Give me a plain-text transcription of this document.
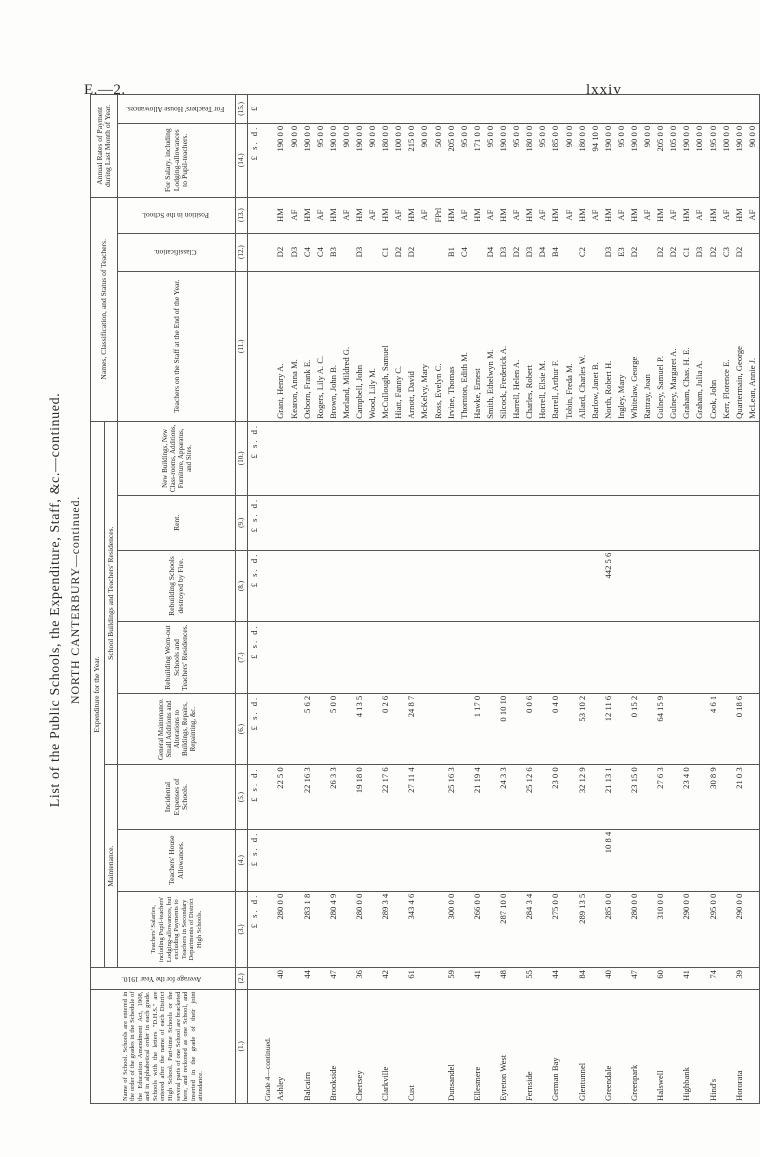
E.—2.	lxxiv
List of the Public Schools, the Expenditure, Staff, &c.—continued. NORTH CANTERBURY—continued.
Name of School. Schools are entered in the order of the grades in the Schedule of the Education Amendment Act, 1908, and in alphabetical order in each grade. Schools with the letters "D.H.S." are entered after the name of each District High School. Part-time Schools or the several parts of one School are bracketed here, and reckoned as one School, and inserted in the grade of their joint attendance.	Average for the Year 1910.	Expenditure for the Year.								Names, Classification, and Status of Teachers.			Annual Rates of Payment during Last Month of Year.	
		Maintenance.			School Buildings and Teachers' Residences.									
		Teachers' Salaries, including Pupil-teachers' Lodging-allowances, but excluding Payments to Teachers in Secondary Departments of District High Schools.	Teachers' House Allowances.	Incidental Expenses of Schools.	General Maintenance. Small Additions and Alterations to Buildings, Repairs, Repainting, &c.	Rebuilding Worn-out Schools and Teachers' Residences.	Rebuilding Schools destroyed by Fire.	Rent.	New Buildings, New Class-rooms, Additions, Furniture, Apparatus, and Sites.	Teachers on the Staff at the End of the Year.	Classification.	Position in the School.	For Salary, including Lodging-allowances to Pupil-teachers.	For Teachers' House Allowances.
(1.)	(2.)	(3.)	(4.)	(5.)	(6.)	(7.)	(8.)	(9.)	(10.)	(11.)	(12.)	(13.)	(14.)	(15.)
		£ s. d.	£ s. d.	£ s. d.	£ s. d.	£ s. d.	£ s. d.	£ s. d.	£ s. d.				£ s. d.	£
Grade 4—continued.														
Ashley	40	280 0 0		22 5 0						Grant, Henry A.	D2	HM	190 0 0	
										Kearon, Anna M.	D3	AF	90 0 0	
Balcairn	44	283 1 8		22 16 3	5 6 2					Osborn, Frank E.	C4	HM	190 0 0	
										Rogers, Lily A. C.	C4	AF	95 0 0	
Brookside	47	280 4 9		26 3 3	5 0 0					Brown, John B.	B3	HM	190 0 0	
										Morland, Mildred G.		AF	90 0 0	
Chertsey	36	280 0 0		19 18 0	4 13 5					Campbell, John	D3	HM	190 0 0	
										Wood, Lily M.		AF	90 0 0	
Clarkville	42	289 3 4		22 17 6	0 2 6					McCullough, Samuel	C1	HM	180 0 0	
										Hiatt, Fanny C.	D2	AF	100 0 0	
Cust	61	343 4 6		27 11 4	24 8 7					Arnott, David	D2	HM	215 0 0	
										McKelvy, Mary		AF	90 0 0	
										Ross, Evelyn C.		FPrl	50 0 0	
Dunsandel	59	300 0 0		25 16 3						Irvine, Thomas	B1	HM	205 0 0	
										Thornton, Edith M.	C4	AF	95 0 0	
Ellesmere	41	266 0 0		21 19 4	1 17 0					Hawke, Ernest		HM	171 0 0	
										Smith, Ethelwyn M.	D4	AF	95 0 0	
Eyreton West	48	287 10 0		24 3 3	0 10 10					Silcock, Frederick A.	D3	HM	190 0 0	
										Harrell, Helen A.	D2	AF	95 0 0	
Fernside	55	284 3 4		25 12 6	0 0 6					Charles, Robert	D3	HM	180 0 0	
										Horrell, Elsie M.	D4	AF	95 0 0	
German Bay	44	275 0 0		23 0 0	0 4 0					Barrell, Arthur F.	B4	HM	185 0 0	
										Tobin, Freda M.		AF	90 0 0	
Glentunnel	84	289 13 5		32 12 9	53 10 2					Allard, Charles W.	C2	HM	180 0 0	
										Barlow, Janet B.		AF	94 10 0	
Greendale	40	285 0 0	10 8 4	21 13 1	12 11 6		442 5 6			North, Robert H.	D3	HM	190 0 0	
										Ingley, Mary	E3	AF	95 0 0	
Greenpark	47	280 0 0		23 15 0	0 15 2					Whitelaw, George	D2	HM	190 0 0	
										Rattray, Joan		AF	90 0 0	
Halswell	60	310 0 0		27 6 3	64 15 9					Gulney, Samuel P.	D2	HM	205 0 0	
										Gulney, Margaret A.	D2	AF	105 0 0	
Highbank	41	290 0 0		23 4 0						Graham, Chas. H. E.	C1	HM	190 0 0	
										Graham, Julia A.	D3	AF	100 0 0	
Hind's	74	295 0 0		30 8 9	4 6 1					Cook, John	D2	HM	195 0 0	
										Kerr, Florence E.	C3	AF	100 0 0	
Hororata	39	290 0 0		21 0 3	0 18 6					Quartermain, George	D2	HM	190 0 0	
										McLean, Annie J.		AF	90 0 0	
